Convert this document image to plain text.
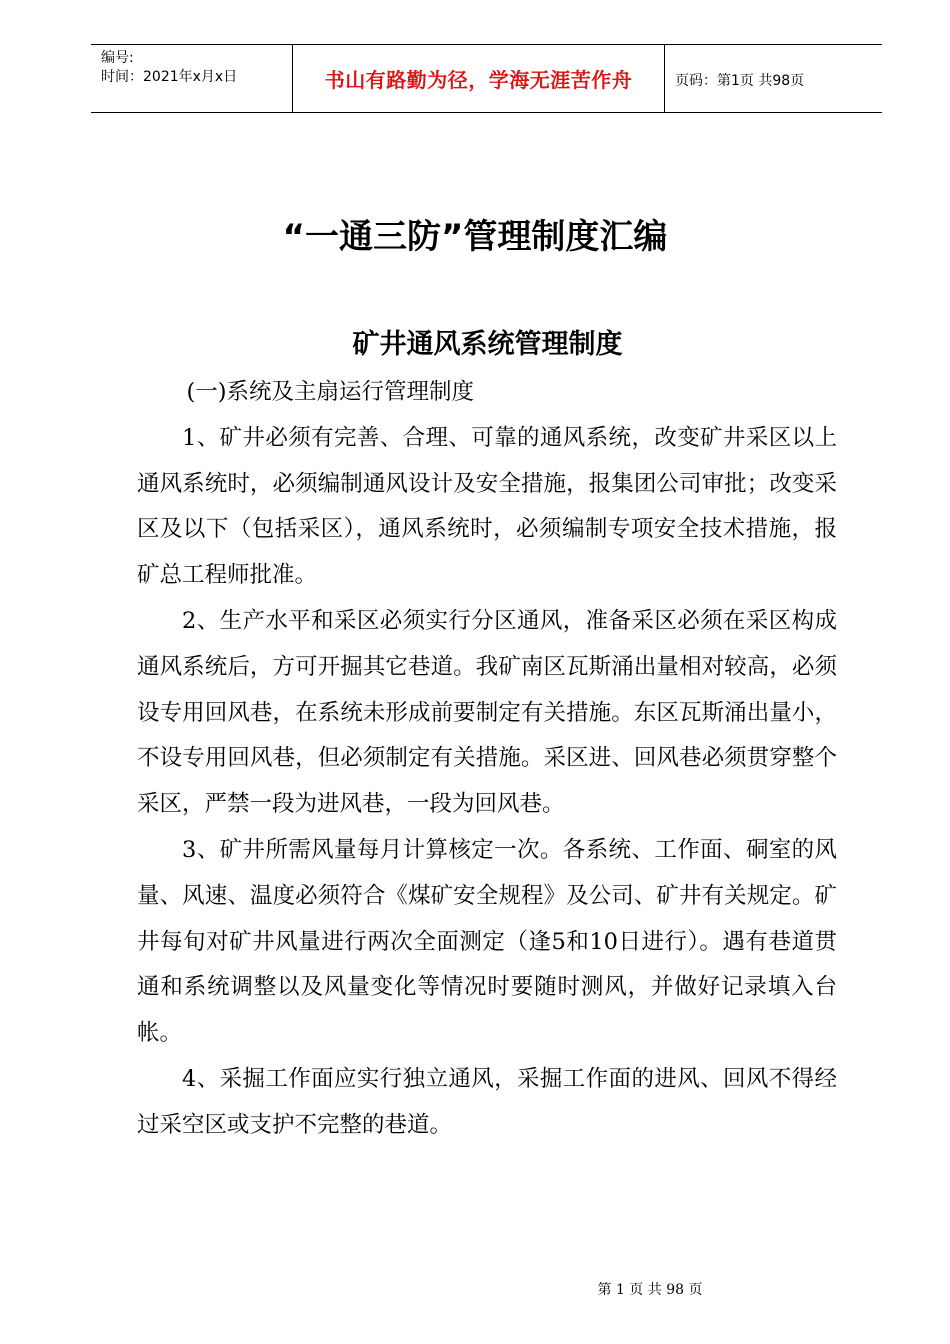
编号:
时间：2021年x月x日	书山有路勤为径，学海无涯苦作舟	页码：第1页 共98页
“一通三防”管理制度汇编
矿井通风系统管理制度

(一)系统及主扇运行管理制度

1、矿井必须有完善、合理、可靠的通风系统，改变矿井采区以上通风系统时，必须编制通风设计及安全措施，报集团公司审批；改变采区及以下（包括采区），通风系统时，必须编制专项安全技术措施，报矿总工程师批准。

2、生产水平和采区必须实行分区通风，准备采区必须在采区构成通风系统后，方可开掘其它巷道。我矿南区瓦斯涌出量相对较高，必须设专用回风巷，在系统未形成前要制定有关措施。东区瓦斯涌出量小，不设专用回风巷，但必须制定有关措施。采区进、回风巷必须贯穿整个采区，严禁一段为进风巷，一段为回风巷。

3、矿井所需风量每月计算核定一次。各系统、工作面、硐室的风量、风速、温度必须符合《煤矿安全规程》及公司、矿井有关规定。矿井每旬对矿井风量进行两次全面测定（逢5和10日进行）。遇有巷道贯通和系统调整以及风量变化等情况时要随时测风，并做好记录填入台帐。

4、采掘工作面应实行独立通风，采掘工作面的进风、回风不得经过采空区或支护不完整的巷道。

第 1 页 共 98 页
